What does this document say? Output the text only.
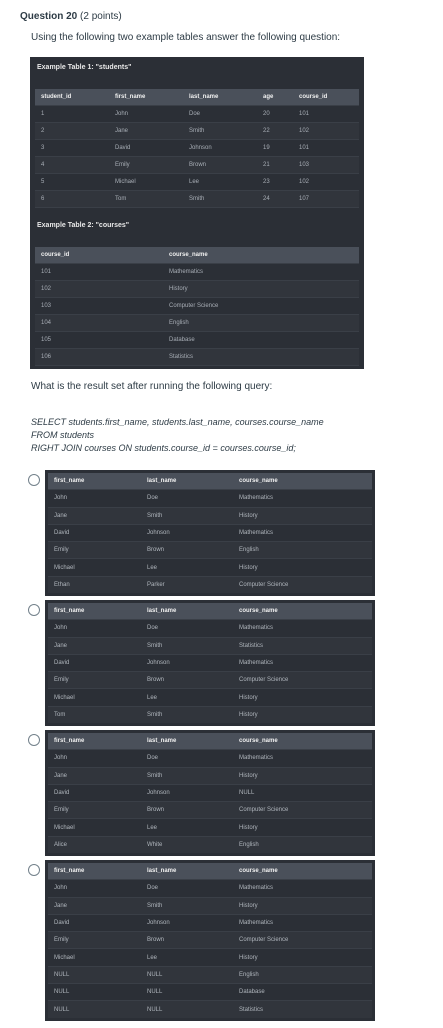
Question 20 (2 points)
Using the following two example tables answer the following question:
Example Table 1: "students"
student_id	first_name	last_name	age	course_id
1	John	Doe	20	101
2	Jane	Smith	22	102
3	David	Johnson	19	101
4	Emily	Brown	21	103
5	Michael	Lee	23	102
6	Tom	Smith	24	107
Example Table 2: "courses"
course_id	course_name
101	Mathematics
102	History
103	Computer Science
104	English
105	Database
106	Statistics
What is the result set after running the following query:
SELECT students.first_name, students.last_name, courses.course_name
FROM students
RIGHT JOIN courses ON students.course_id = courses.course_id;
first_name	last_name	course_name
John	Doe	Mathematics
Jane	Smith	History
David	Johnson	Mathematics
Emily	Brown	English
Michael	Lee	History
Ethan	Parker	Computer Science
first_name	last_name	course_name
John	Doe	Mathematics
Jane	Smith	Statistics
David	Johnson	Mathematics
Emily	Brown	Computer Science
Michael	Lee	History
Tom	Smith	History
first_name	last_name	course_name
John	Doe	Mathematics
Jane	Smith	History
David	Johnson	NULL
Emily	Brown	Computer Science
Michael	Lee	History
Alice	White	English
first_name	last_name	course_name
John	Doe	Mathematics
Jane	Smith	History
David	Johnson	Mathematics
Emily	Brown	Computer Science
Michael	Lee	History
NULL	NULL	English
NULL	NULL	Database
NULL	NULL	Statistics
